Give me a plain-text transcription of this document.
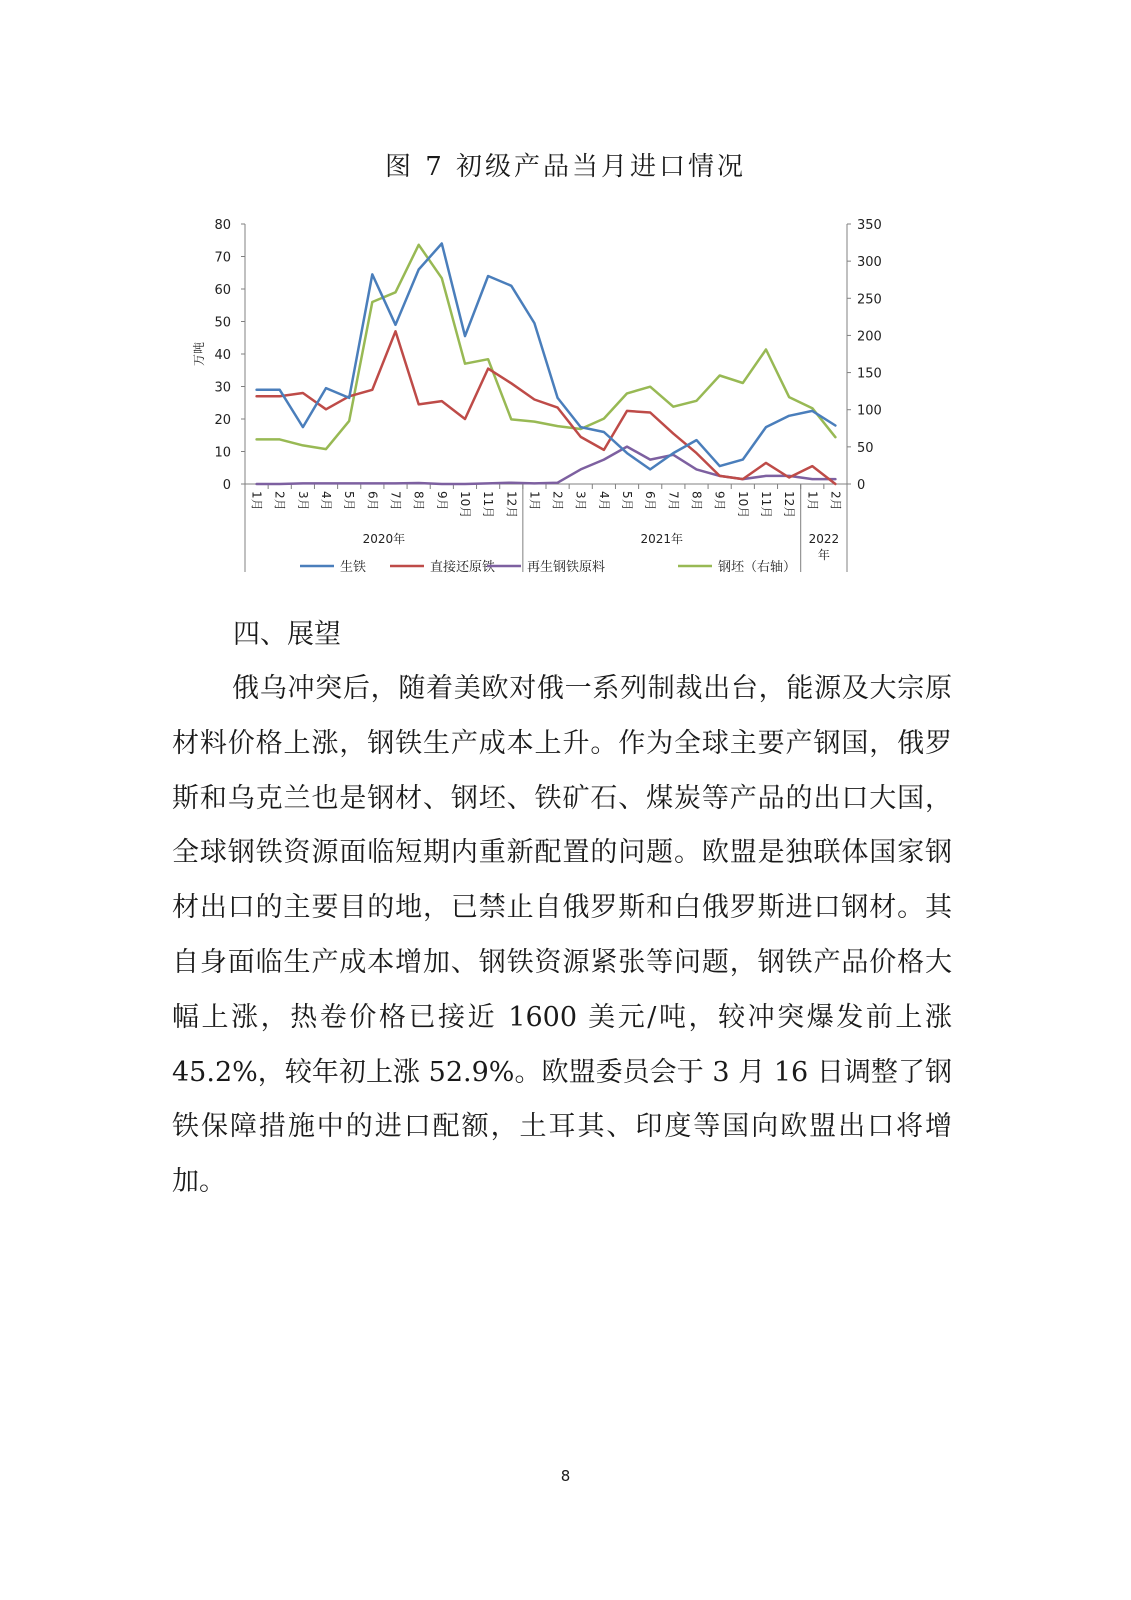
图 7 初级产品当月进口情况
0
10
20
30
40
50
60
70
80
0
50
100
150
200
250
300
350
万吨
1月 2月 3月 4月 5月 6月 7月 8月 9月 10月 11月 12月 1月 2月 3月 4月 5月 6月 7月 8月 9月 10月 11月 12月 1月 2月
2020年	2021年	2022
年
生铁	直接还原铁 再生钢铁原料	钢坯（右轴）
四、展望

俄乌冲突后，随着美欧对俄一系列制裁出台，能源及大宗原材料价格上涨，钢铁生产成本上升。作为全球主要产钢国，俄罗斯和乌克兰也是钢材、钢坯、铁矿石、煤炭等产品的出口大国，全球钢铁资源面临短期内重新配置的问题。欧盟是独联体国家钢材出口的主要目的地，已禁止自俄罗斯和白俄罗斯进口钢材。其自身面临生产成本增加、钢铁资源紧张等问题，钢铁产品价格大幅上涨，热卷价格已接近 1600 美元/吨，较冲突爆发前上涨 45.2%，较年初上涨 52.9%。欧盟委员会于 3 月 16 日调整了钢铁保障措施中的进口配额，土耳其、印度等国向欧盟出口将增加。

8
